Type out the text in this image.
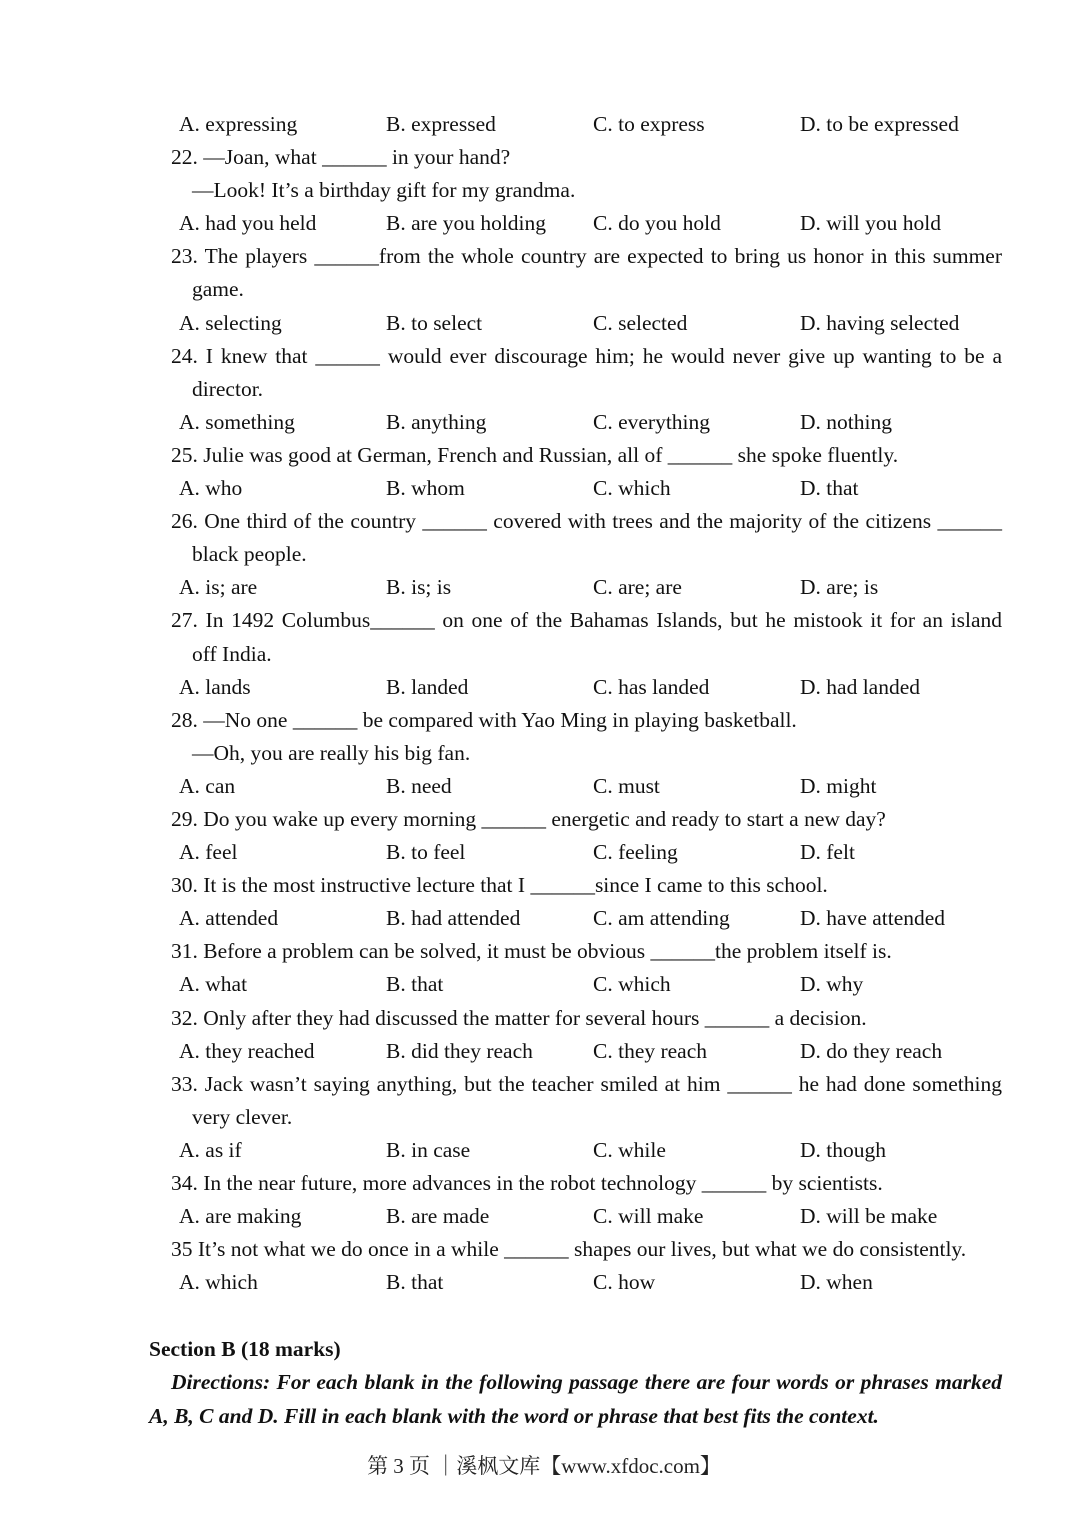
A. expressing	B. expressed	C. to express	D. to be expressed
22. —Joan, what ______ in your hand?
—Look! It’s a birthday gift for my grandma.
A. had you held	B. are you holding C. do you hold	D. will you hold
23. The players ______from the whole country are expected to bring us honor in this summer
game.
A. selecting	B. to select	C. selected	D. having selected
24. I knew that ______ would ever discourage him; he would never give up wanting to be a
director.
A. something	B. anything	C. everything	D. nothing
25. Julie was good at German, French and Russian, all of ______ she spoke fluently.
A. who	B. whom	C. which	D. that
26. One third of the country ______ covered with trees and the majority of the citizens ______
black people.
A. is; are	B. is; is	C. are; are	D. are; is
27. In 1492 Columbus______ on one of the Bahamas Islands, but he mistook it for an island
off India.
A. lands	B. landed	C. has landed	D. had landed
28. —No one ______ be compared with Yao Ming in playing basketball.
—Oh, you are really his big fan.
A. can	B. need	C. must	D. might
29. Do you wake up every morning ______ energetic and ready to start a new day?
A. feel	B. to feel	C. feeling	D. felt
30. It is the most instructive lecture that I ______since I came to this school.
A. attended	B. had attended	C. am attending	D. have attended
31. Before a problem can be solved, it must be obvious ______the problem itself is.
A. what	B. that	C. which	D. why
32. Only after they had discussed the matter for several hours ______ a decision.
A. they reached	B. did they reach	C. they reach	D. do they reach
33. Jack wasn’t saying anything, but the teacher smiled at him ______ he had done something
very clever.
A. as if	B. in case	C. while	D. though
34. In the near future, more advances in the robot technology ______ by scientists.
A. are making	B. are made	C. will make	D. will be make
35 It’s not what we do once in a while ______ shapes our lives, but what we do consistently.
A. which	B. that	C. how	D. when
Section B (18 marks)
Directions: For each blank in the following passage there are four words or phrases marked
A, B, C and D. Fill in each blank with the word or phrase that best fits the context.
第 3 页 ｜溪枫文库【www.xfdoc.com】
